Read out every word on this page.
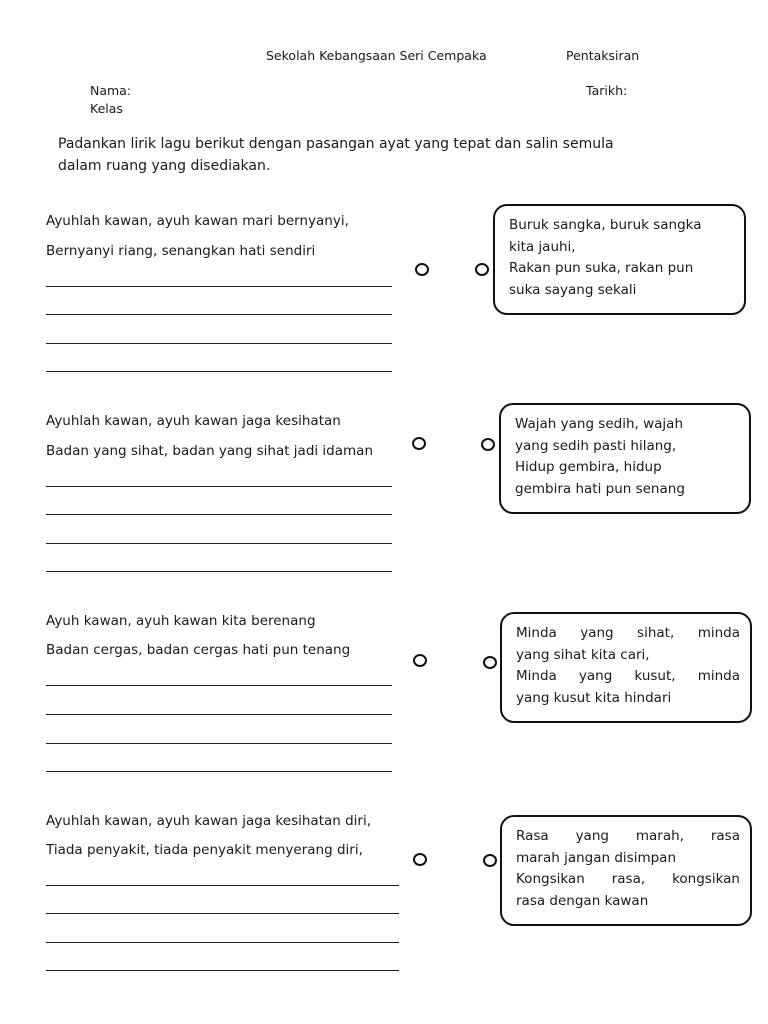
Sekolah Kebangsaan Seri Cempaka	Pentaksiran
Nama:
Kelas
Tarikh:
Padankan lirik lagu berikut dengan pasangan ayat yang tepat dan salin semula
dalam ruang yang disediakan.
Ayuhlah kawan, ayuh kawan mari bernyanyi,
Bernyanyi riang, senangkan hati sendiri
Buruk sangka, buruk sangka
kita jauhi,
Rakan pun suka, rakan pun
suka sayang sekali
Ayuhlah kawan, ayuh kawan jaga kesihatan
Badan yang sihat, badan yang sihat jadi idaman
Wajah yang sedih, wajah
yang sedih pasti hilang,
Hidup gembira, hidup
gembira hati pun senang
Ayuh kawan, ayuh kawan kita berenang
Badan cergas, badan cergas hati pun tenang
Minda yang sihat, minda
yang sihat kita cari,
Minda yang kusut, minda
yang kusut kita hindari
Ayuhlah kawan, ayuh kawan jaga kesihatan diri,
Tiada penyakit, tiada penyakit menyerang diri,
Rasa yang marah, rasa
marah jangan disimpan
Kongsikan rasa, kongsikan
rasa dengan kawan
